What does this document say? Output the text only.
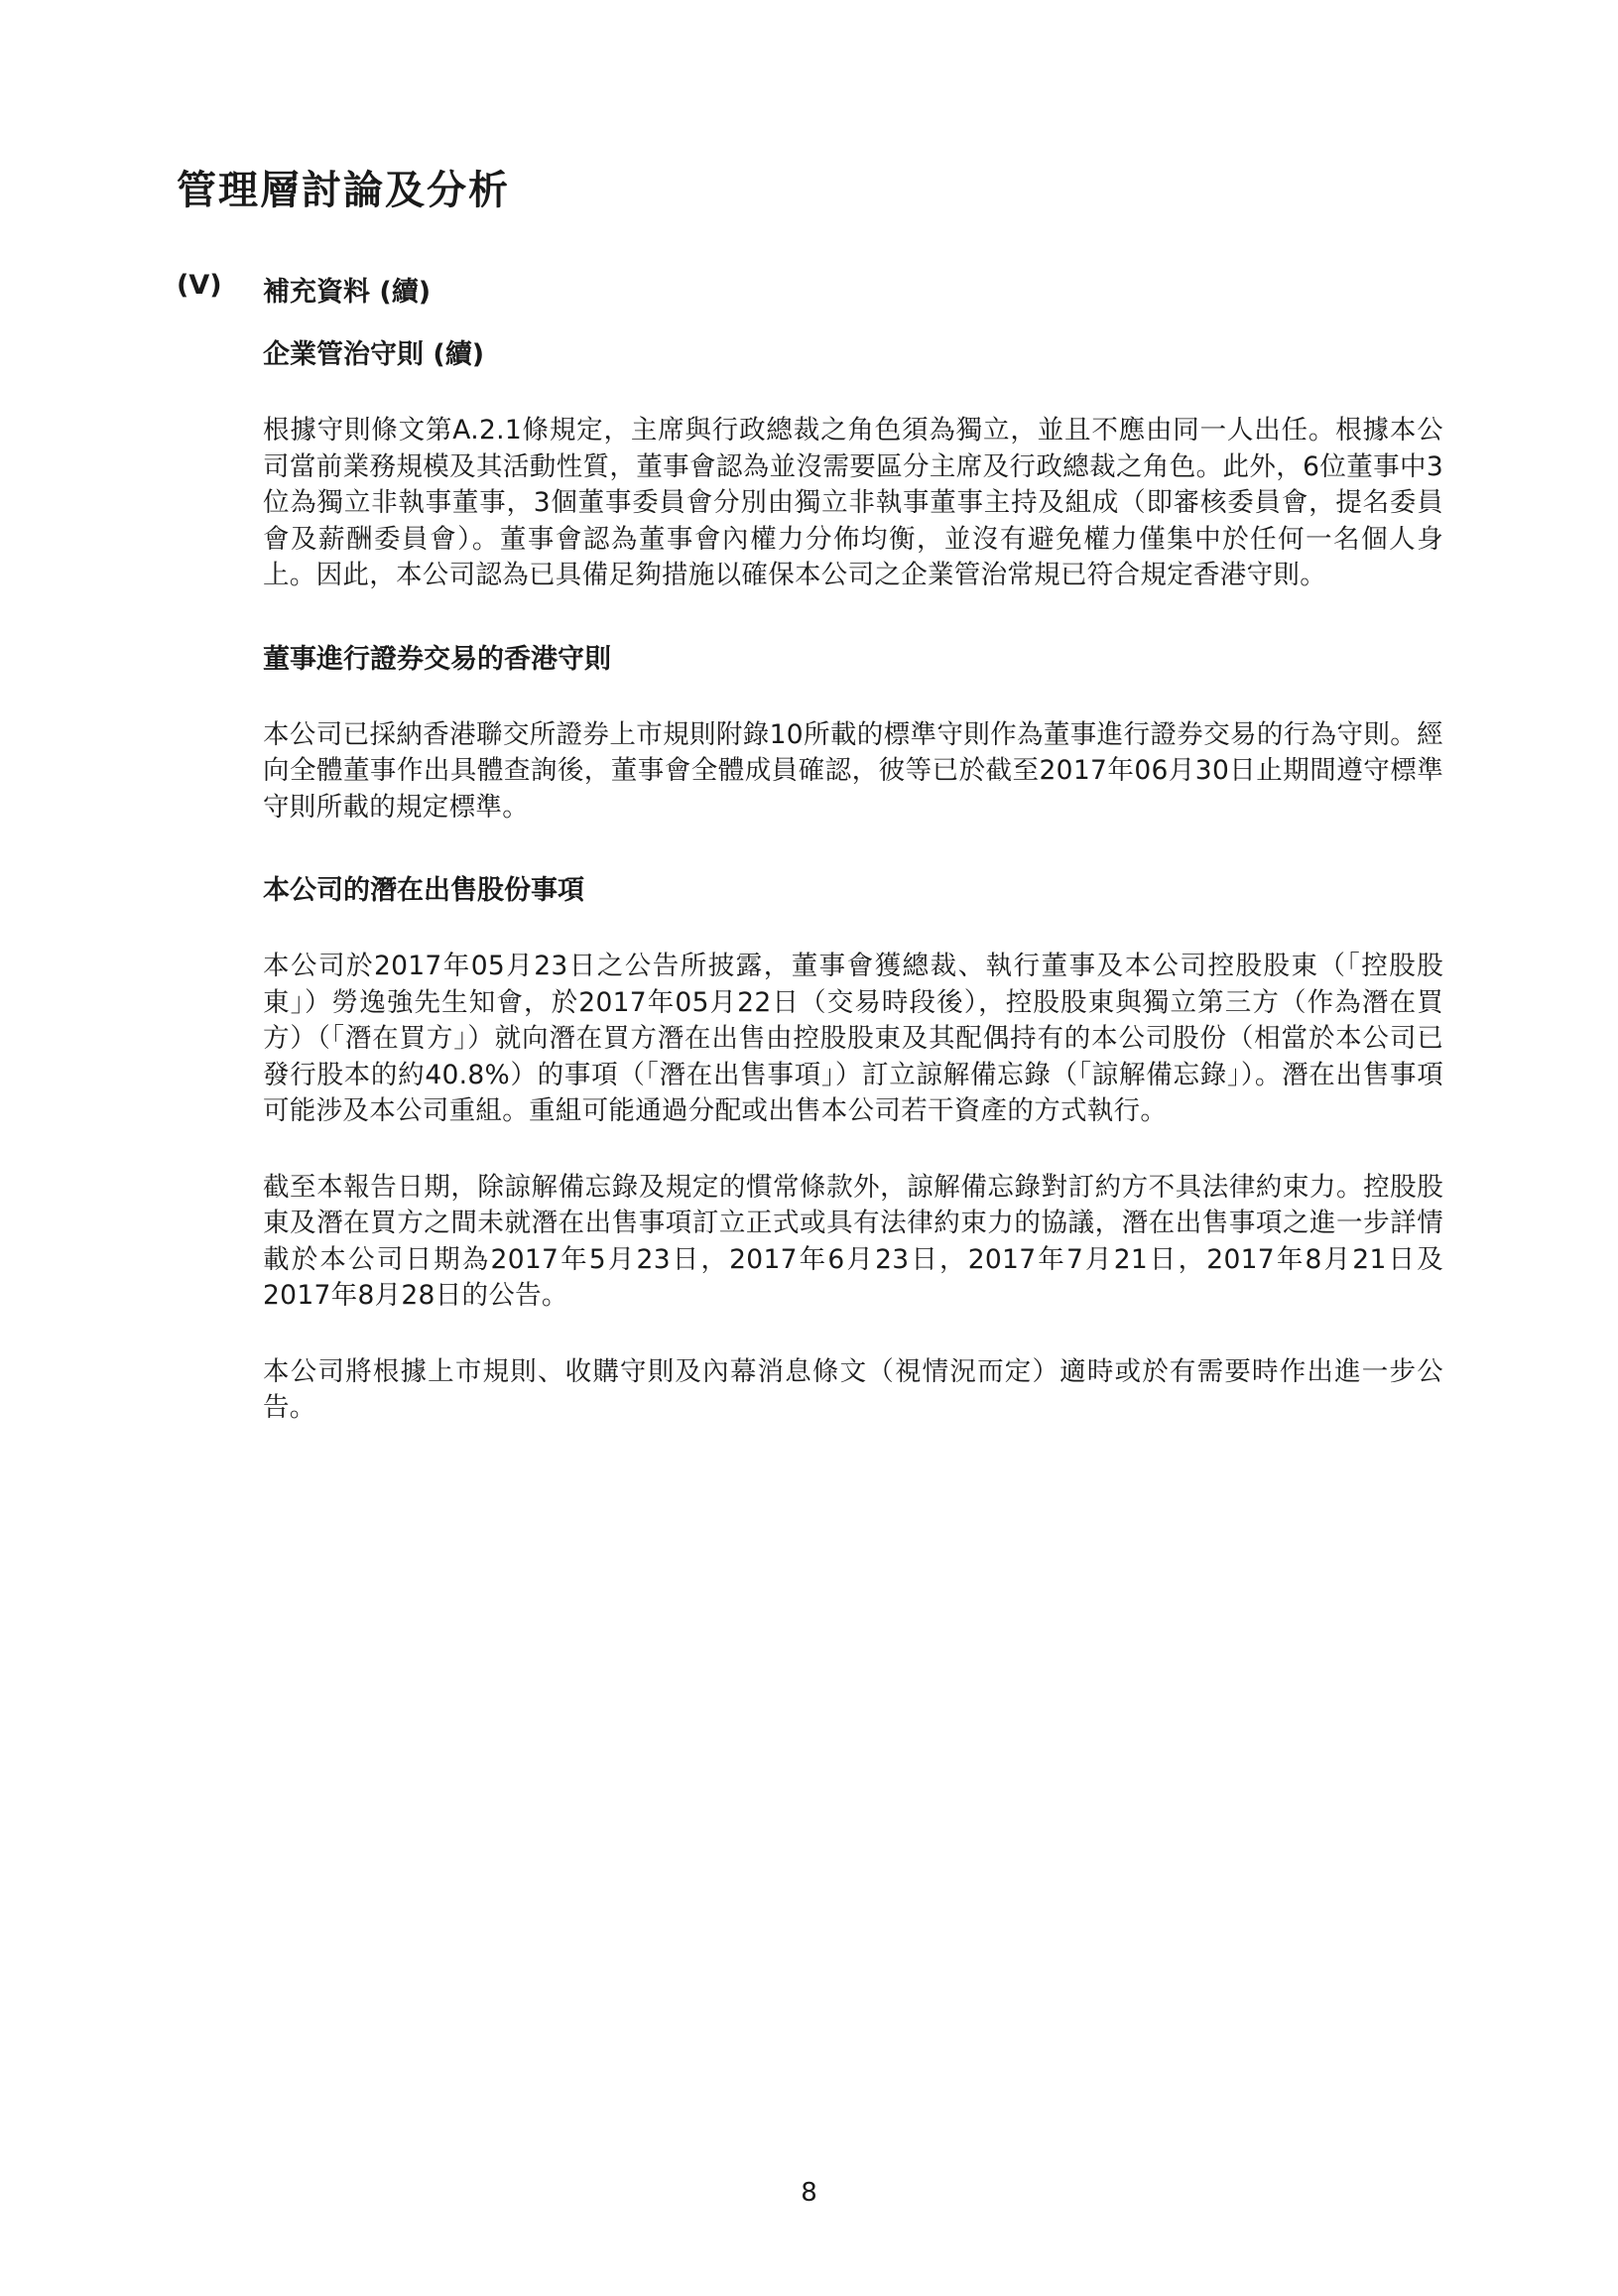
管理層討論及分析
(V)	補充資料 (續)
企業管治守則 (續)

根據守則條文第A.2.1條規定，主席與行政總裁之角色須為獨立，並且不應由同一人出任。根據本公司當前業務規模及其活動性質，董事會認為並沒需要區分主席及行政總裁之角色。此外，6位董事中3位為獨立非執事董事，3個董事委員會分別由獨立非執事董事主持及組成（即審核委員會，提名委員會及薪酬委員會）。董事會認為董事會內權力分佈均衡，並沒有避免權力僅集中於任何一名個人身上。因此，本公司認為已具備足夠措施以確保本公司之企業管治常規已符合規定香港守則。

董事進行證券交易的香港守則

本公司已採納香港聯交所證券上市規則附錄10所載的標準守則作為董事進行證券交易的行為守則。經向全體董事作出具體查詢後，董事會全體成員確認，彼等已於截至2017年06月30日止期間遵守標準守則所載的規定標準。

本公司的潛在出售股份事項

本公司於2017年05月23日之公告所披露，董事會獲總裁、執行董事及本公司控股股東（「控股股東」）勞逸強先生知會，於2017年05月22日（交易時段後），控股股東與獨立第三方（作為潛在買方）（「潛在買方」）就向潛在買方潛在出售由控股股東及其配偶持有的本公司股份（相當於本公司已發行股本的約40.8%）的事項（「潛在出售事項」）訂立諒解備忘錄（「諒解備忘錄」）。潛在出售事項可能涉及本公司重組。重組可能通過分配或出售本公司若干資產的方式執行。

截至本報告日期，除諒解備忘錄及規定的慣常條款外，諒解備忘錄對訂約方不具法律約束力。控股股東及潛在買方之間未就潛在出售事項訂立正式或具有法律約束力的協議，潛在出售事項之進一步詳情載於本公司日期為2017年5月23日，2017年6月23日，2017年7月21日，2017年8月21日及2017年8月28日的公告。

本公司將根據上市規則、收購守則及內幕消息條文（視情況而定）適時或於有需要時作出進一步公告。

8
